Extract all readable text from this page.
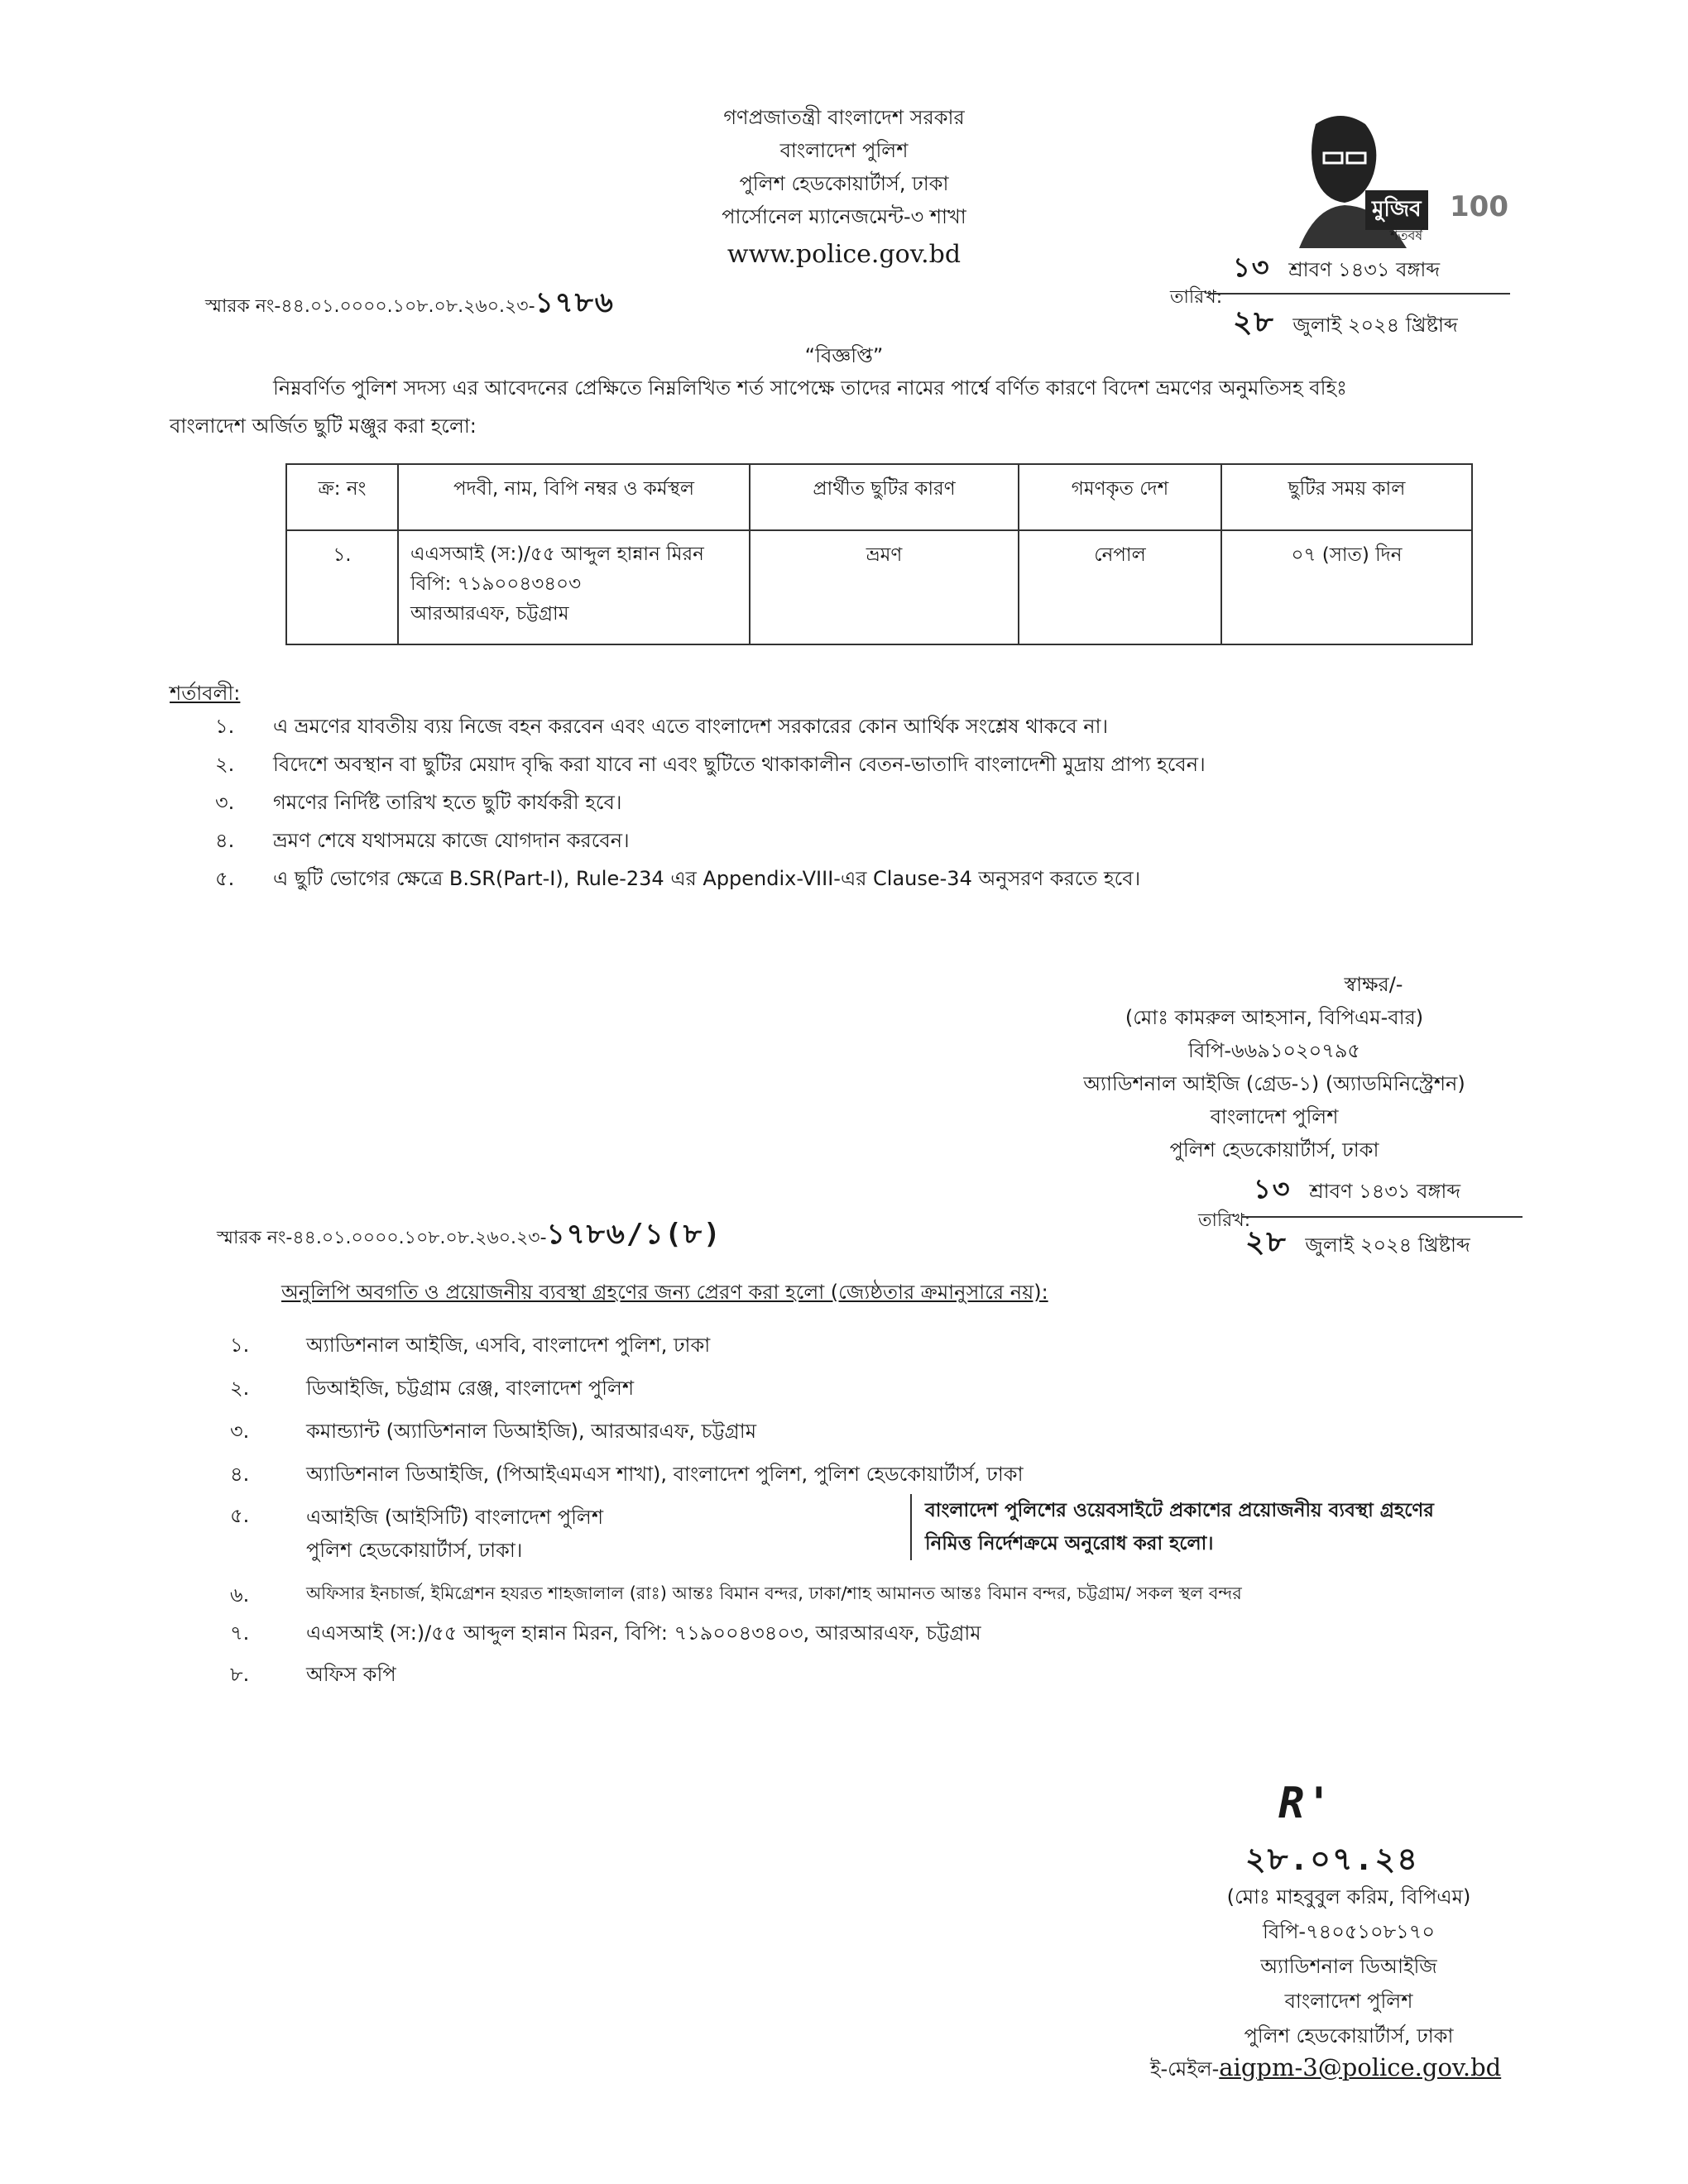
গণপ্রজাতন্ত্রী বাংলাদেশ সরকার
বাংলাদেশ পুলিশ
পুলিশ হেডকোয়ার্টার্স, ঢাকা
পার্সোনেল ম্যানেজমেন্ট-৩ শাখা
www.police.gov.bd
মুজিব
শতবর্ষ
100
স্মারক নং-৪৪.০১.০০০০.১০৮.০৮.২৬০.২৩-১৭৮৬	তারিখ:
১৩ শ্রাবণ ১৪৩১ বঙ্গাব্দ
২৮ জুলাই ২০২৪ খ্রিষ্টাব্দ
“বিজ্ঞপ্তি”
নিম্নবর্ণিত পুলিশ সদস্য এর আবেদনের প্রেক্ষিতে নিম্নলিখিত শর্ত সাপেক্ষে তাদের নামের পার্শ্বে বর্ণিত কারণে বিদেশ ভ্রমণের অনুমতিসহ বহিঃ
বাংলাদেশ অর্জিত ছুটি মঞ্জুর করা হলো:
ক্র: নং	পদবী, নাম, বিপি নম্বর ও কর্মস্থল	প্রার্থীত ছুটির কারণ	গমণকৃত দেশ	ছুটির সময় কাল
১.	এএসআই (স:)/৫৫ আব্দুল হান্নান মিরন
বিপি: ৭১৯০০৪৩৪০৩
আরআরএফ, চট্টগ্রাম	ভ্রমণ	নেপাল	০৭ (সাত) দিন
শর্তাবলী:
১.	এ ভ্রমণের যাবতীয় ব্যয় নিজে বহন করবেন এবং এতে বাংলাদেশ সরকারের কোন আর্থিক সংশ্লেষ থাকবে না।
২.	বিদেশে অবস্থান বা ছুটির মেয়াদ বৃদ্ধি করা যাবে না এবং ছুটিতে থাকাকালীন বেতন-ভাতাদি বাংলাদেশী মুদ্রায় প্রাপ্য হবেন।
৩.	গমণের নির্দিষ্ট তারিখ হতে ছুটি কার্যকরী হবে।
৪.	ভ্রমণ শেষে যথাসময়ে কাজে যোগদান করবেন।
৫.	এ ছুটি ভোগের ক্ষেত্রে B.SR(Part-I), Rule-234 এর Appendix-VIII-এর Clause-34 অনুসরণ করতে হবে।
স্বাক্ষর/-
(মোঃ কামরুল আহসান, বিপিএম-বার)
বিপি-৬৬৯১০২০৭৯৫
অ্যাডিশনাল আইজি (গ্রেড-১) (অ্যাডমিনিস্ট্রেশন)
বাংলাদেশ পুলিশ
পুলিশ হেডকোয়ার্টার্স, ঢাকা
স্মারক নং-৪৪.০১.০০০০.১০৮.০৮.২৬০.২৩-১৭৮৬/১(৮)	তারিখ:
১৩ শ্রাবণ ১৪৩১ বঙ্গাব্দ
২৮ জুলাই ২০২৪ খ্রিষ্টাব্দ
অনুলিপি অবগতি ও প্রয়োজনীয় ব্যবস্থা গ্রহণের জন্য প্রেরণ করা হলো (জ্যেষ্ঠতার ক্রমানুসারে নয়):
১.	অ্যাডিশনাল আইজি, এসবি, বাংলাদেশ পুলিশ, ঢাকা
২.	ডিআইজি, চট্টগ্রাম রেঞ্জ, বাংলাদেশ পুলিশ
৩.	কমান্ড্যান্ট (অ্যাডিশনাল ডিআইজি), আরআরএফ, চট্টগ্রাম
৪.	অ্যাডিশনাল ডিআইজি, (পিআইএমএস শাখা), বাংলাদেশ পুলিশ, পুলিশ হেডকোয়ার্টার্স, ঢাকা
৫.	এআইজি (আইসিটি) বাংলাদেশ পুলিশ
পুলিশ হেডকোয়ার্টার্স, ঢাকা।
বাংলাদেশ পুলিশের ওয়েবসাইটে প্রকাশের প্রয়োজনীয় ব্যবস্থা গ্রহণের
নিমিত্ত নির্দেশক্রমে অনুরোধ করা হলো।
৬.	অফিসার ইনচার্জ, ইমিগ্রেশন হযরত শাহজালাল (রাঃ) আন্তঃ বিমান বন্দর, ঢাকা/শাহ আমানত আন্তঃ বিমান বন্দর, চট্টগ্রাম/ সকল স্থল বন্দর
৭.	এএসআই (স:)/৫৫ আব্দুল হান্নান মিরন, বিপি: ৭১৯০০৪৩৪০৩, আরআরএফ, চট্টগ্রাম
৮.	অফিস কপি
R'
২৮.০৭.২৪
(মোঃ মাহবুবুল করিম, বিপিএম)
বিপি-৭৪০৫১০৮১৭০
অ্যাডিশনাল ডিআইজি
বাংলাদেশ পুলিশ
পুলিশ হেডকোয়ার্টার্স, ঢাকা
ই-মেইল-aigpm-3@police.gov.bd
